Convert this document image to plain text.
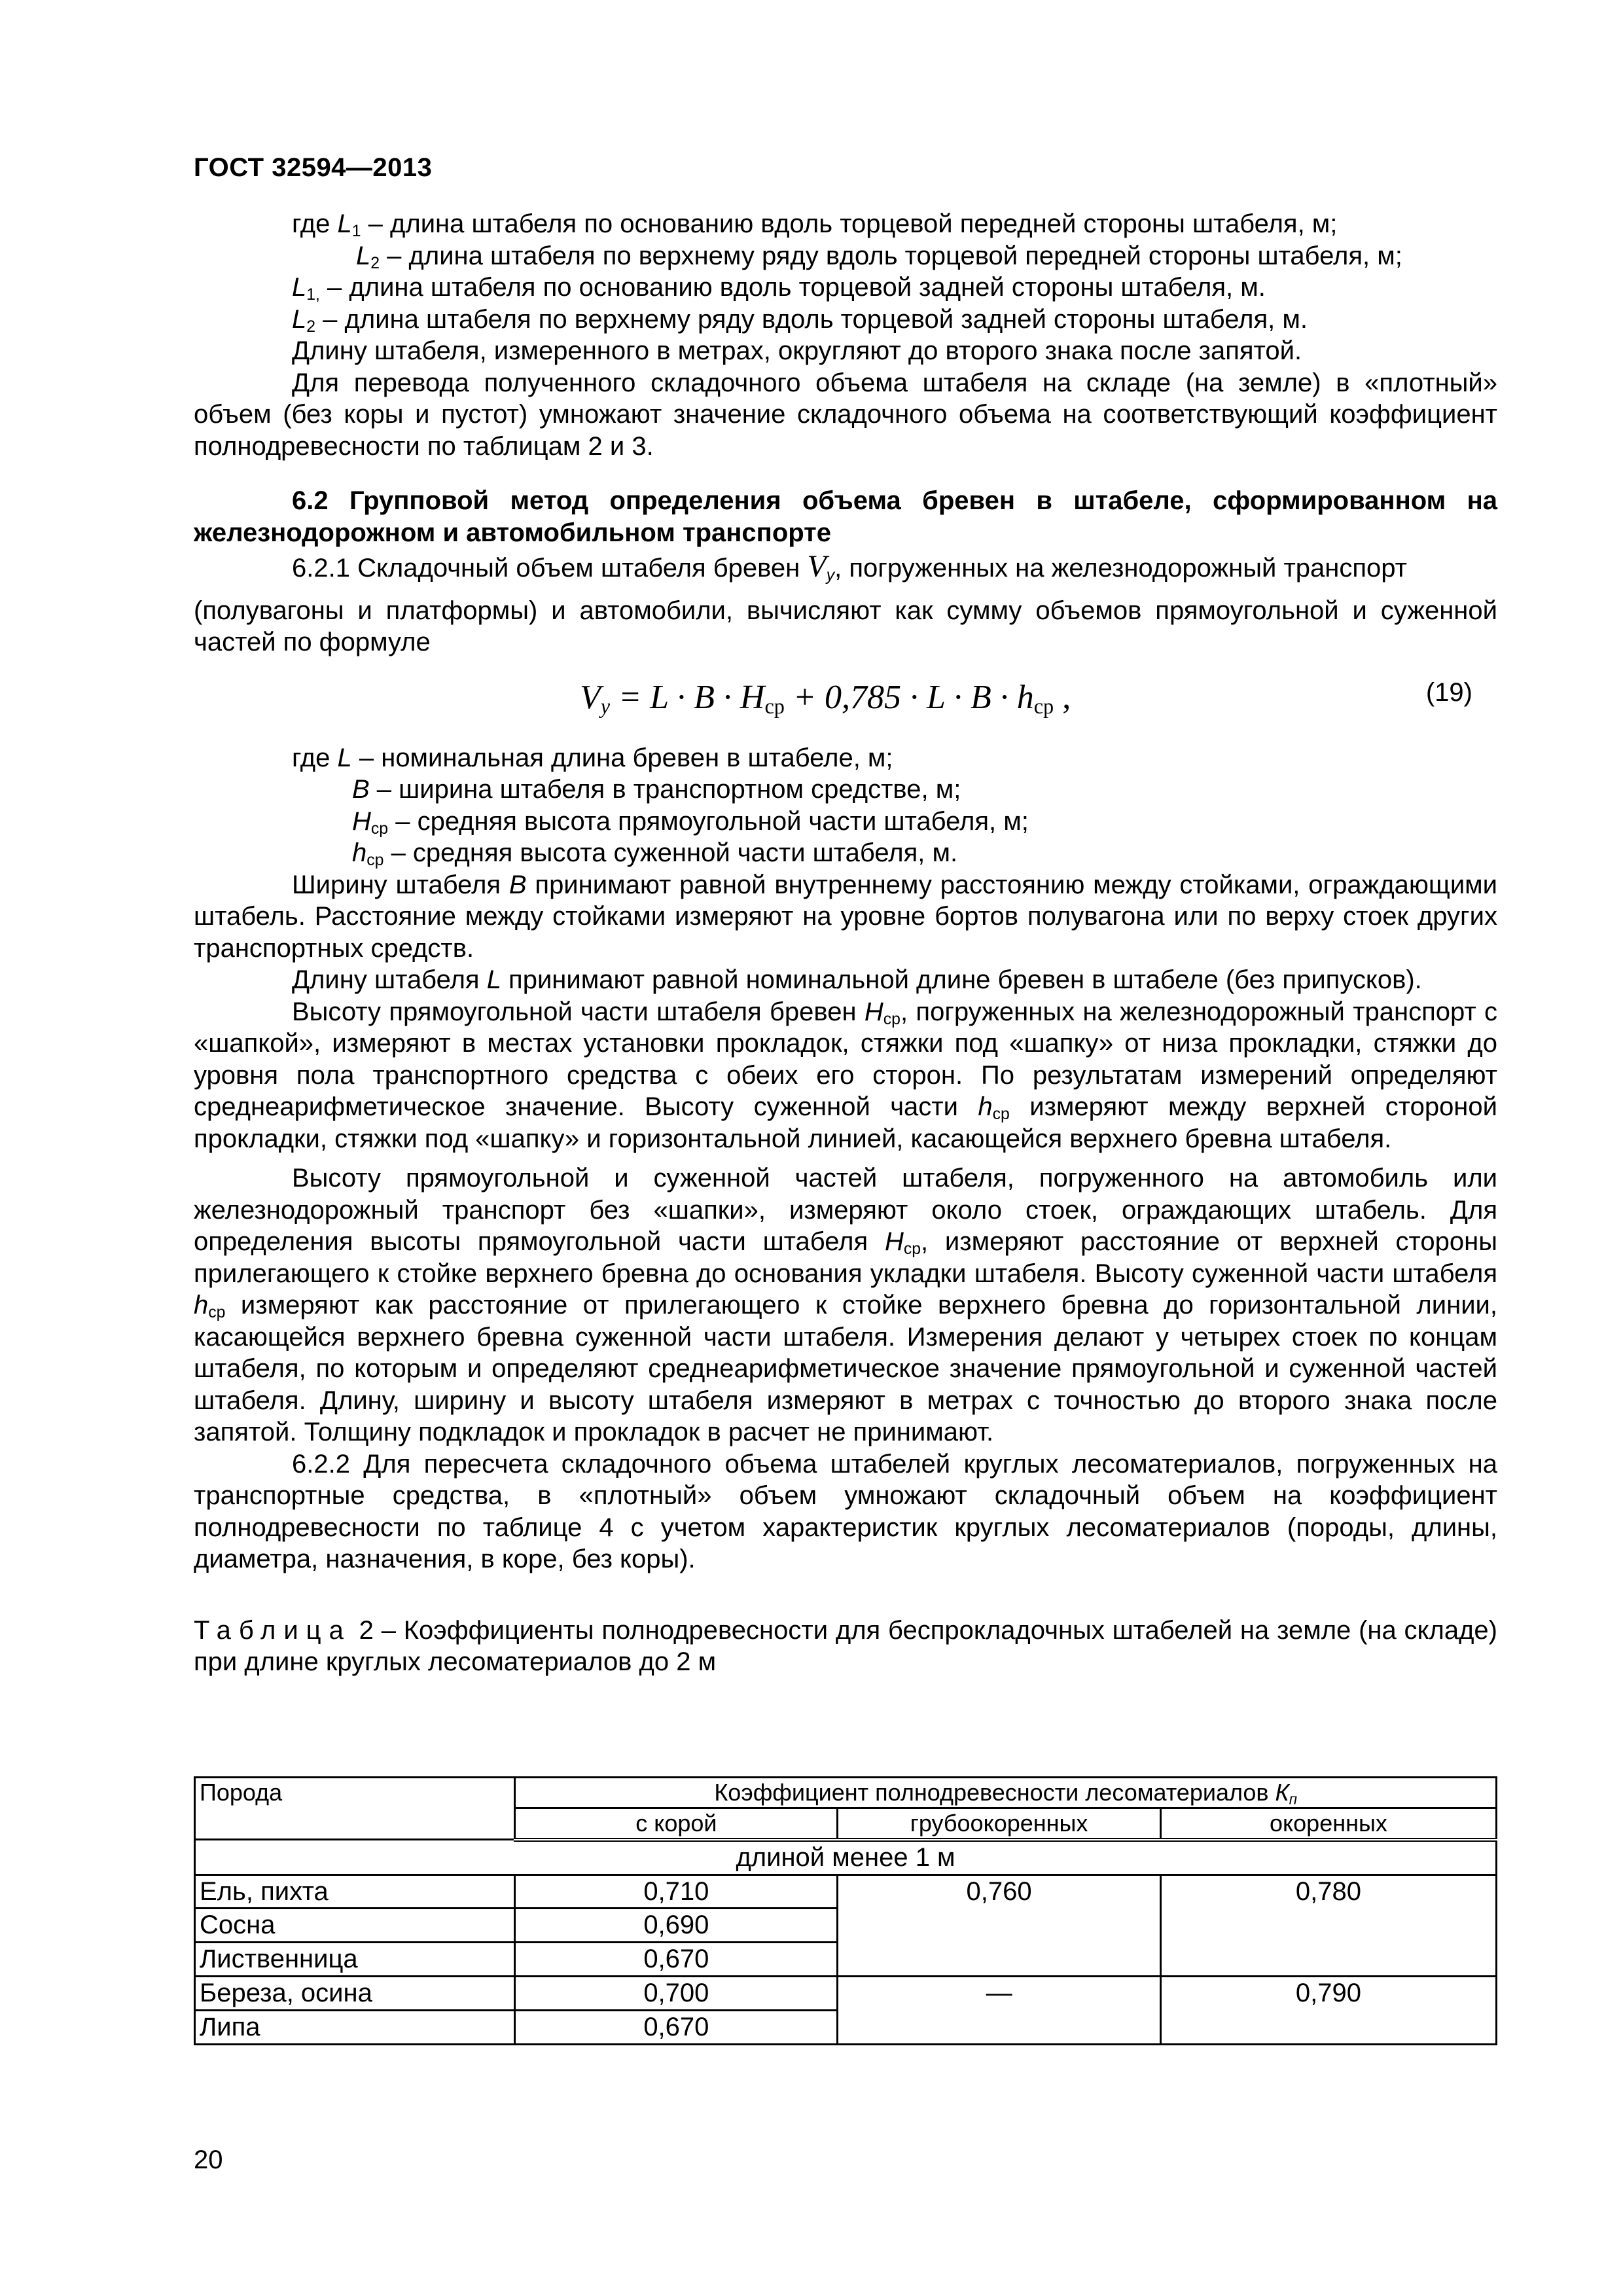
ГОСТ 32594—2013

где $L_1$ – длина штабеля по основанию вдоль торцевой передней стороны штабеля, м;

$L_2$ – длина штабеля по верхнему ряду вдоль торцевой передней стороны штабеля, м;

$L_{1,}$ – длина штабеля по основанию вдоль торцевой задней стороны штабеля, м.

$L_2$ – длина штабеля по верхнему ряду вдоль торцевой задней стороны штабеля, м.

Длину штабеля, измеренного в метрах, округляют до второго знака после запятой.

Для перевода полученного складочного объема штабеля на складе (на земле) в «плотный» объем (без коры и пустот) умножают значение складочного объема на соответствующий коэффициент полнодревесности по таблицам 2 и 3.

6.2 Групповой метод определения объема бревен в штабеле, сформированном на железнодорожном и автомобильном транспорте

6.2.1 Складочный объем штабеля бревен $V_y$, погруженных на железнодорожный транспорт

(полувагоны и платформы) и автомобили, вычисляют как сумму объемов прямоугольной и суженной частей по формуле

$V_y = L \cdot B \cdot H_{ср} + 0,785 \cdot L \cdot B \cdot h_{ср}$ ,	(19)

где L – номинальная длина бревен в штабеле, м;

B – ширина штабеля в транспортном средстве, м;

$H_{ср}$ – средняя высота прямоугольной части штабеля, м;

$h_{ср}$ – средняя высота суженной части штабеля, м.

Ширину штабеля B принимают равной внутреннему расстоянию между стойками, ограждающими штабель. Расстояние между стойками измеряют на уровне бортов полувагона или по верху стоек других транспортных средств.

Длину штабеля L принимают равной номинальной длине бревен в штабеле (без припусков).

Высоту прямоугольной части штабеля бревен $H_{ср}$, погруженных на железнодорожный транспорт с «шапкой», измеряют в местах установки прокладок, стяжки под «шапку» от низа прокладки, стяжки до уровня пола транспортного средства с обеих его сторон. По результатам измерений определяют среднеарифметическое значение. Высоту суженной части $h_{ср}$ измеряют между верхней стороной прокладки, стяжки под «шапку» и горизонтальной линией, касающейся верхнего бревна штабеля.

Высоту прямоугольной и суженной частей штабеля, погруженного на автомобиль или железнодорожный транспорт без «шапки», измеряют около стоек, ограждающих штабель. Для определения высоты прямоугольной части штабеля $H_{ср}$, измеряют расстояние от верхней стороны прилегающего к стойке верхнего бревна до основания укладки штабеля. Высоту суженной части штабеля $h_{ср}$ измеряют как расстояние от прилегающего к стойке верхнего бревна до горизонтальной линии, касающейся верхнего бревна суженной части штабеля. Измерения делают у четырех стоек по концам штабеля, по которым и определяют среднеарифметическое значение прямоугольной и суженной частей штабеля. Длину, ширину и высоту штабеля измеряют в метрах с точностью до второго знака после запятой. Толщину подкладок и прокладок в расчет не принимают.

6.2.2 Для пересчета складочного объема штабелей круглых лесоматериалов, погруженных на транспортные средства, в «плотный» объем умножают складочный объем на коэффициент полнодревесности по таблице 4 с учетом характеристик круглых лесоматериалов (породы, длины, диаметра, назначения, в коре, без коры).

Таблица 2 – Коэффициенты полнодревесности для беспрокладочных штабелей на земле (на складе) при длине круглых лесоматериалов до 2 м

Порода	Коэффициент полнодревесности лесоматериалов $К_п$
	с корой	грубоокоренных	окоренных
длиной менее 1 м			
Ель, пихта	0,710	0,760	0,780
Сосна	0,690		
Лиственница	0,670		
Береза, осина	0,700	—	0,790
Липа	0,670		
20
